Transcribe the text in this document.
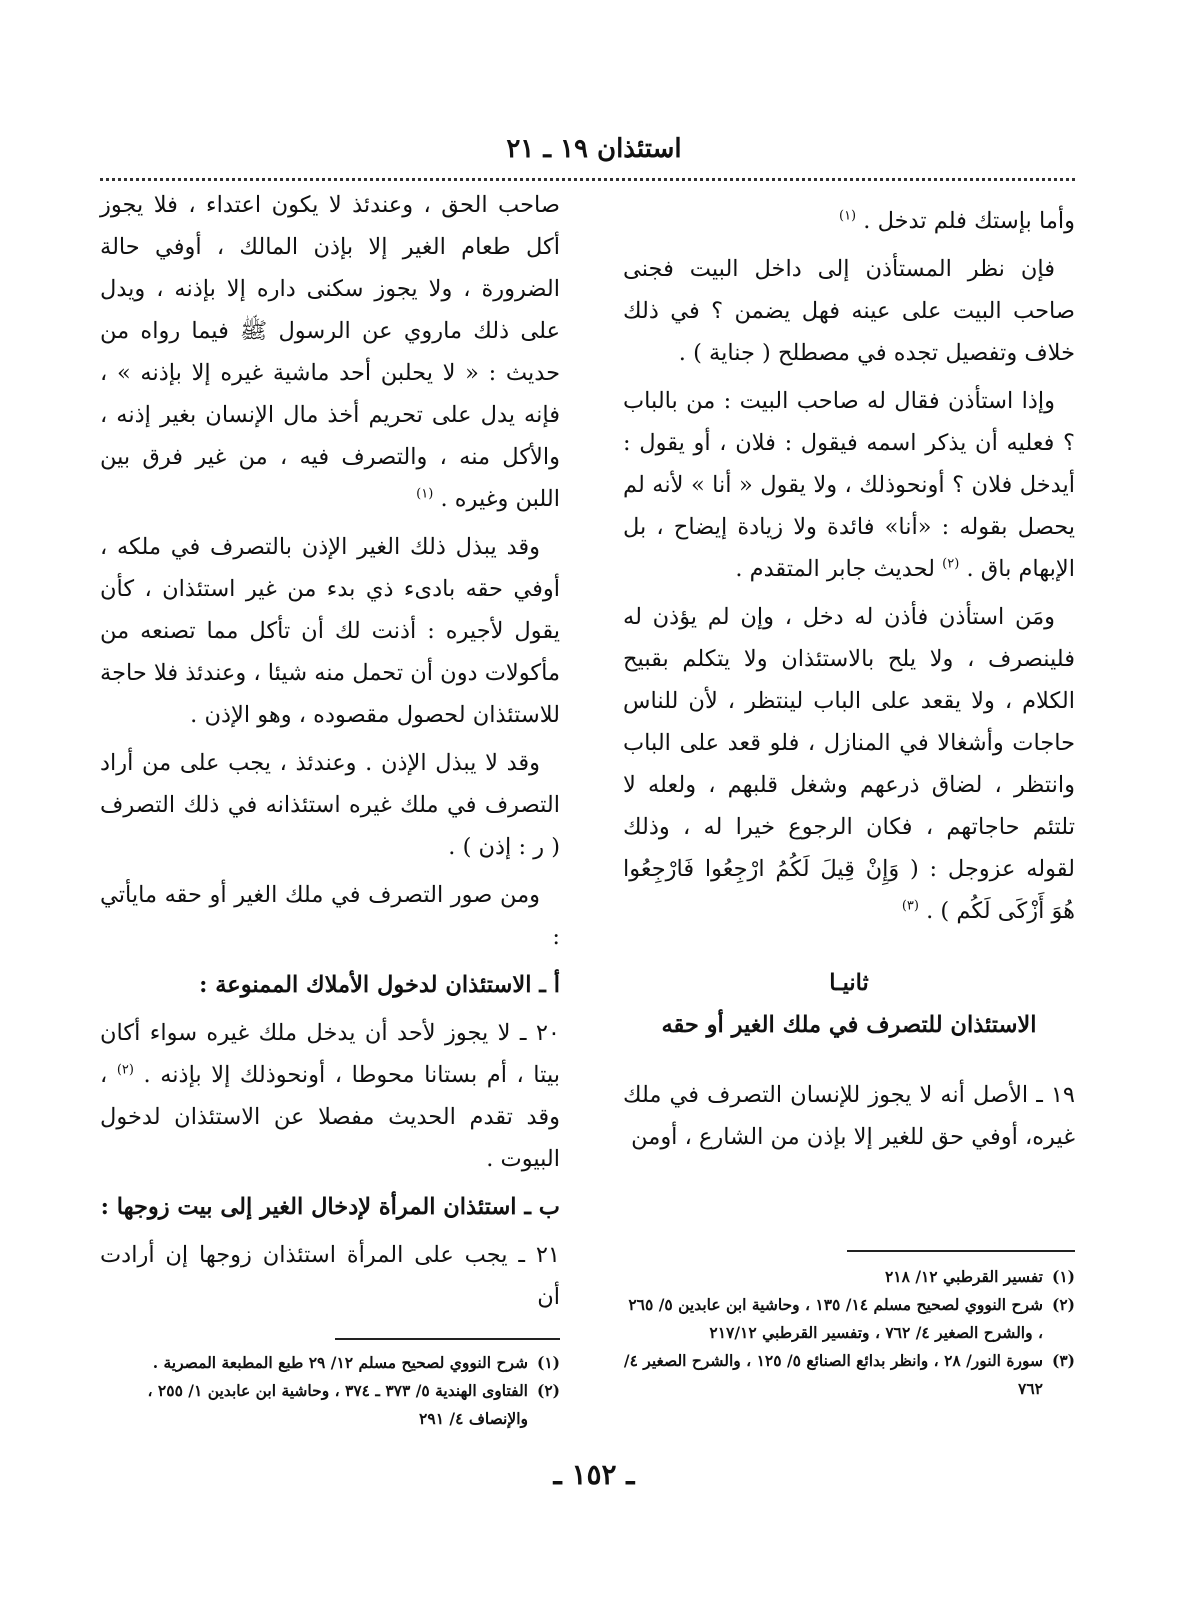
استئذان ١٩ ـ ٢١

وأما بإستك فلم تدخل . $^{(١)}$

فإن نظر المستأذن إلى داخل البيت فجنى صاحب البيت على عينه فهل يضمن ؟ في ذلك خلاف وتفصيل تجده في مصطلح ( جناية ) .

وإذا استأذن فقال له صاحب البيت : من بالباب ؟ فعليه أن يذكر اسمه فيقول : فلان ، أو يقول : أيدخل فلان ؟ أونحوذلك ، ولا يقول « أنا » لأنه لم يحصل بقوله : «أنا» فائدة ولا زيادة إيضاح ، بل الإبهام باق . $^{(٢)}$ لحديث جابر المتقدم .

ومَن استأذن فأذن له دخل ، وإن لم يؤذن له فلينصرف ، ولا يلح بالاستئذان ولا يتكلم بقبيح الكلام ، ولا يقعد على الباب لينتظر ، لأن للناس حاجات وأشغالا في المنازل ، فلو قعد على الباب وانتظر ، لضاق ذرعهم وشغل قلبهم ، ولعله لا تلتئم حاجاتهم ، فكان الرجوع خيرا له ، وذلك لقوله عزوجل : ( وَإِنْ قِيلَ لَكُمُ ارْجِعُوا فَارْجِعُوا هُوَ أَزْكَى لَكُم ) . $^{(٣)}$

ثانيـا
الاستئذان للتصرف في ملك الغير أو حقه

١٩ ـ الأصل أنه لا يجوز للإنسان التصرف في ملك غيره، أوفي حق للغير إلا بإذن من الشارع ، أومن

صاحب الحق ، وعندئذ لا يكون اعتداء ، فلا يجوز أكل طعام الغير إلا بإذن المالك ، أوفي حالة الضرورة ، ولا يجوز سكنى داره إلا بإذنه ، ويدل على ذلك ماروي عن الرسول ﷺ فيما رواه من حديث : « لا يحلبن أحد ماشية غيره إلا بإذنه » ، فإنه يدل على تحريم أخذ مال الإنسان بغير إذنه ، والأكل منه ، والتصرف فيه ، من غير فرق بين اللبن وغيره . $^{(١)}$

وقد يبذل ذلك الغير الإذن بالتصرف في ملكه ، أوفي حقه بادىء ذي بدء من غير استئذان ، كأن يقول لأجيره : أذنت لك أن تأكل مما تصنعه من مأكولات دون أن تحمل منه شيئا ، وعندئذ فلا حاجة للاستئذان لحصول مقصوده ، وهو الإذن .

وقد لا يبذل الإذن . وعندئذ ، يجب على من أراد التصرف في ملك غيره استئذانه في ذلك التصرف ( ر : إذن ) .

ومن صور التصرف في ملك الغير أو حقه مايأتي :

أ ـ الاستئذان لدخول الأملاك الممنوعة :

٢٠ ـ لا يجوز لأحد أن يدخل ملك غيره سواء أكان بيتا ، أم بستانا محوطا ، أونحوذلك إلا بإذنه . $^{(٢)}$ ، وقد تقدم الحديث مفصلا عن الاستئذان لدخول البيوت .

ب ـ استئذان المرأة لإدخال الغير إلى بيت زوجها :

٢١ ـ يجب على المرأة استئذان زوجها إن أرادت أن

(١)
تفسير القرطبي ١٢/ ٢١٨
(٢)
شرح النووي لصحيح مسلم ١٤/ ١٣٥ ، وحاشية ابن عابدين ٥/ ٢٦٥ ، والشرح الصغير ٤/ ٧٦٢ ، وتفسير القرطبي ٢١٧/١٢
(٣)
سورة النور/ ٢٨ ، وانظر بدائع الصنائع ٥/ ١٢٥ ، والشرح الصغير ٤/ ٧٦٢
(١)
شرح النووي لصحيح مسلم ١٢/ ٢٩ طبع المطبعة المصرية .
(٢)
الفتاوى الهندية ٥/ ٣٧٣ ـ ٣٧٤ ، وحاشية ابن عابدين ١/ ٢٥٥ ، والإنصاف ٤/ ٢٩١
ـ ١٥٢ ـ
